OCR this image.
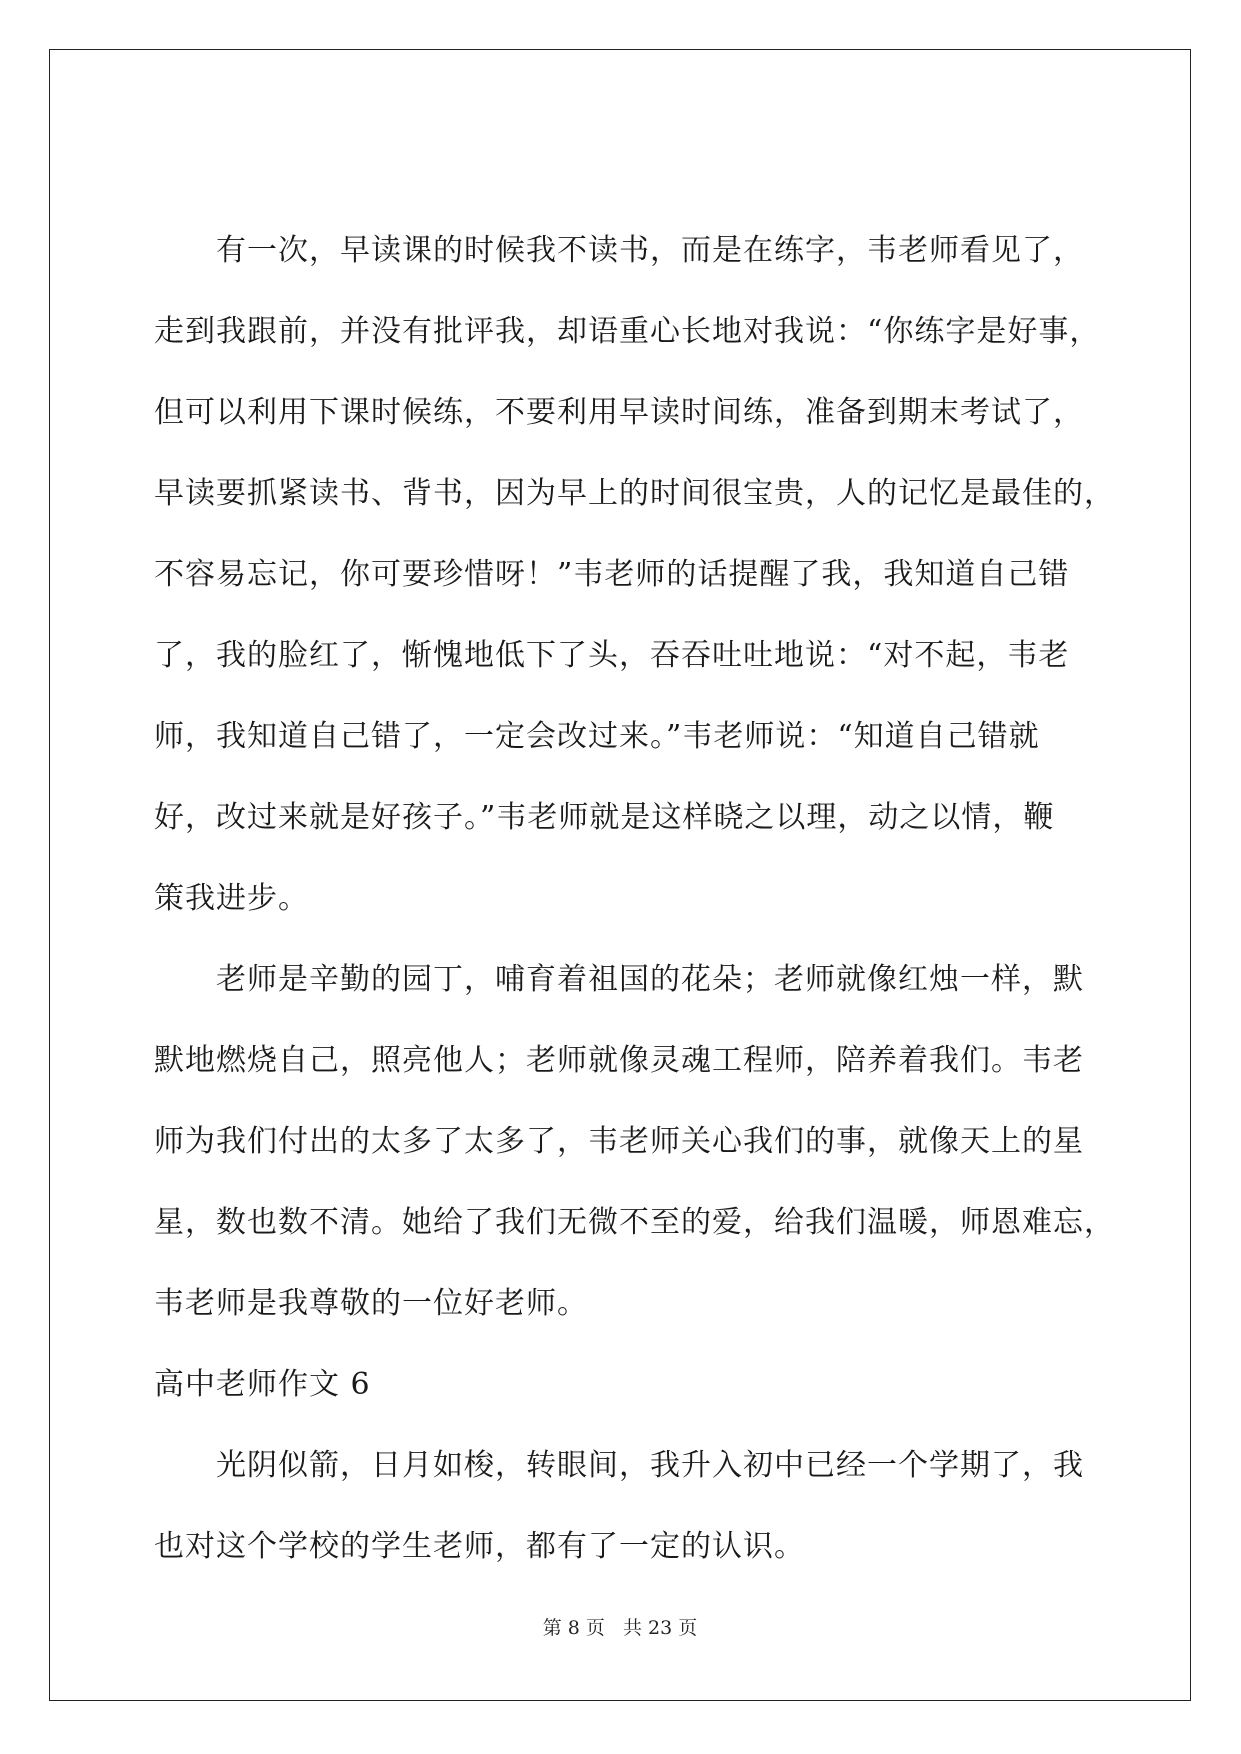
有一次，早读课的时候我不读书，而是在练字，韦老师看见了，
走到我跟前，并没有批评我，却语重心长地对我说：“你练字是好事，
但可以利用下课时候练，不要利用早读时间练，准备到期末考试了，
早读要抓紧读书、背书，因为早上的时间很宝贵，人的记忆是最佳的，
不容易忘记，你可要珍惜呀！”韦老师的话提醒了我，我知道自己错
了，我的脸红了，惭愧地低下了头，吞吞吐吐地说：“对不起，韦老
师，我知道自己错了，一定会改过来。”韦老师说：“知道自己错就
好，改过来就是好孩子。”韦老师就是这样晓之以理，动之以情，鞭
策我进步。
老师是辛勤的园丁，哺育着祖国的花朵；老师就像红烛一样，默
默地燃烧自己，照亮他人；老师就像灵魂工程师，陪养着我们。韦老
师为我们付出的太多了太多了，韦老师关心我们的事，就像天上的星
星，数也数不清。她给了我们无微不至的爱，给我们温暖，师恩难忘，
韦老师是我尊敬的一位好老师。
高中老师作文 6
光阴似箭，日月如梭，转眼间，我升入初中已经一个学期了，我
也对这个学校的学生老师，都有了一定的认识。
第 8 页 共 23 页
